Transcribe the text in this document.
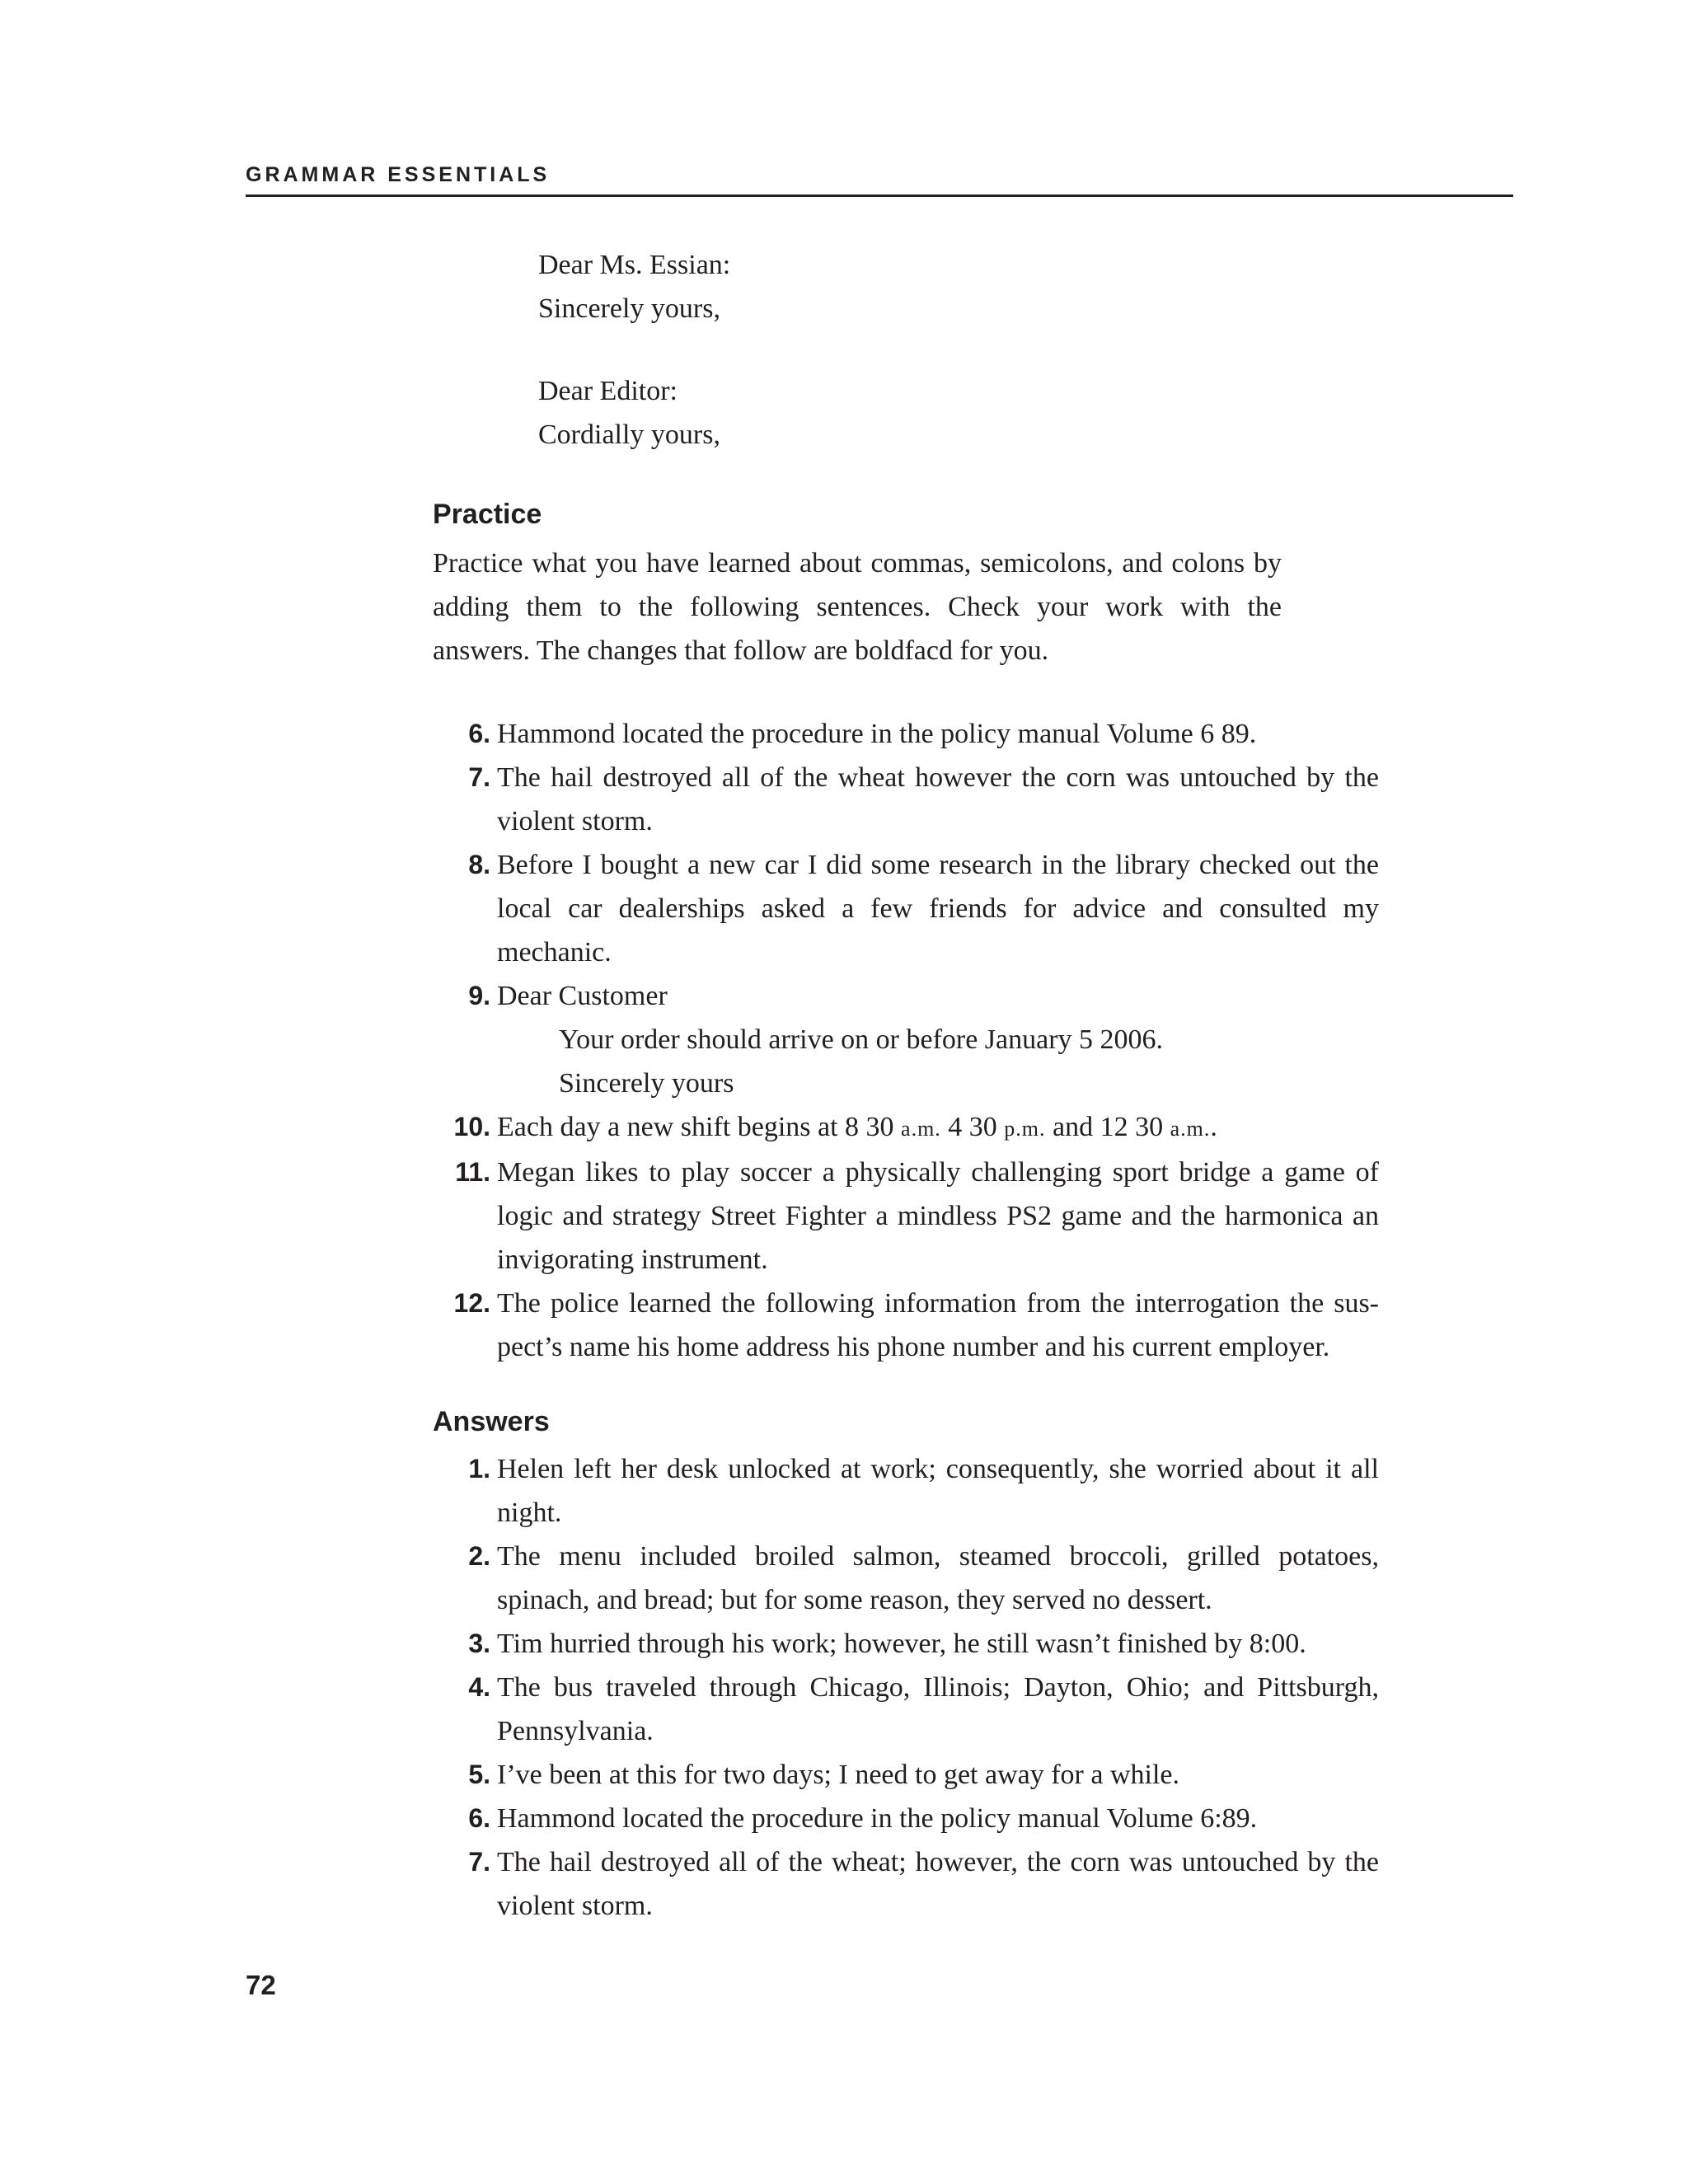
GRAMMAR ESSENTIALS
Dear Ms. Essian:
Sincerely yours,
Dear Editor:
Cordially yours,
Practice
Practice what you have learned about commas, semicolons, and colons by adding them to the following sentences. Check your work with the answers. The changes that follow are boldfacd for you.
6. Hammond located the procedure in the policy manual Volume 6 89.
7. The hail destroyed all of the wheat however the corn was untouched by the violent storm.
8. Before I bought a new car I did some research in the library checked out the local car dealerships asked a few friends for advice and consulted my mechanic.
9. Dear Customer
Your order should arrive on or before January 5 2006.
Sincerely yours
10. Each day a new shift begins at 8 30 a.m. 4 30 p.m. and 12 30 a.m..
11. Megan likes to play soccer a physically challenging sport bridge a game of logic and strategy Street Fighter a mindless PS2 game and the harmonica an invigorating instrument.
12. The police learned the following information from the interrogation the sus-pect’s name his home address his phone number and his current employer.
Answers
1. Helen left her desk unlocked at work; consequently, she worried about it all night.
2. The menu included broiled salmon, steamed broccoli, grilled potatoes, spinach, and bread; but for some reason, they served no dessert.
3. Tim hurried through his work; however, he still wasn’t finished by 8:00.
4. The bus traveled through Chicago, Illinois; Dayton, Ohio; and Pittsburgh, Pennsylvania.
5. I’ve been at this for two days; I need to get away for a while.
6. Hammond located the procedure in the policy manual Volume 6:89.
7. The hail destroyed all of the wheat; however, the corn was untouched by the violent storm.
72
